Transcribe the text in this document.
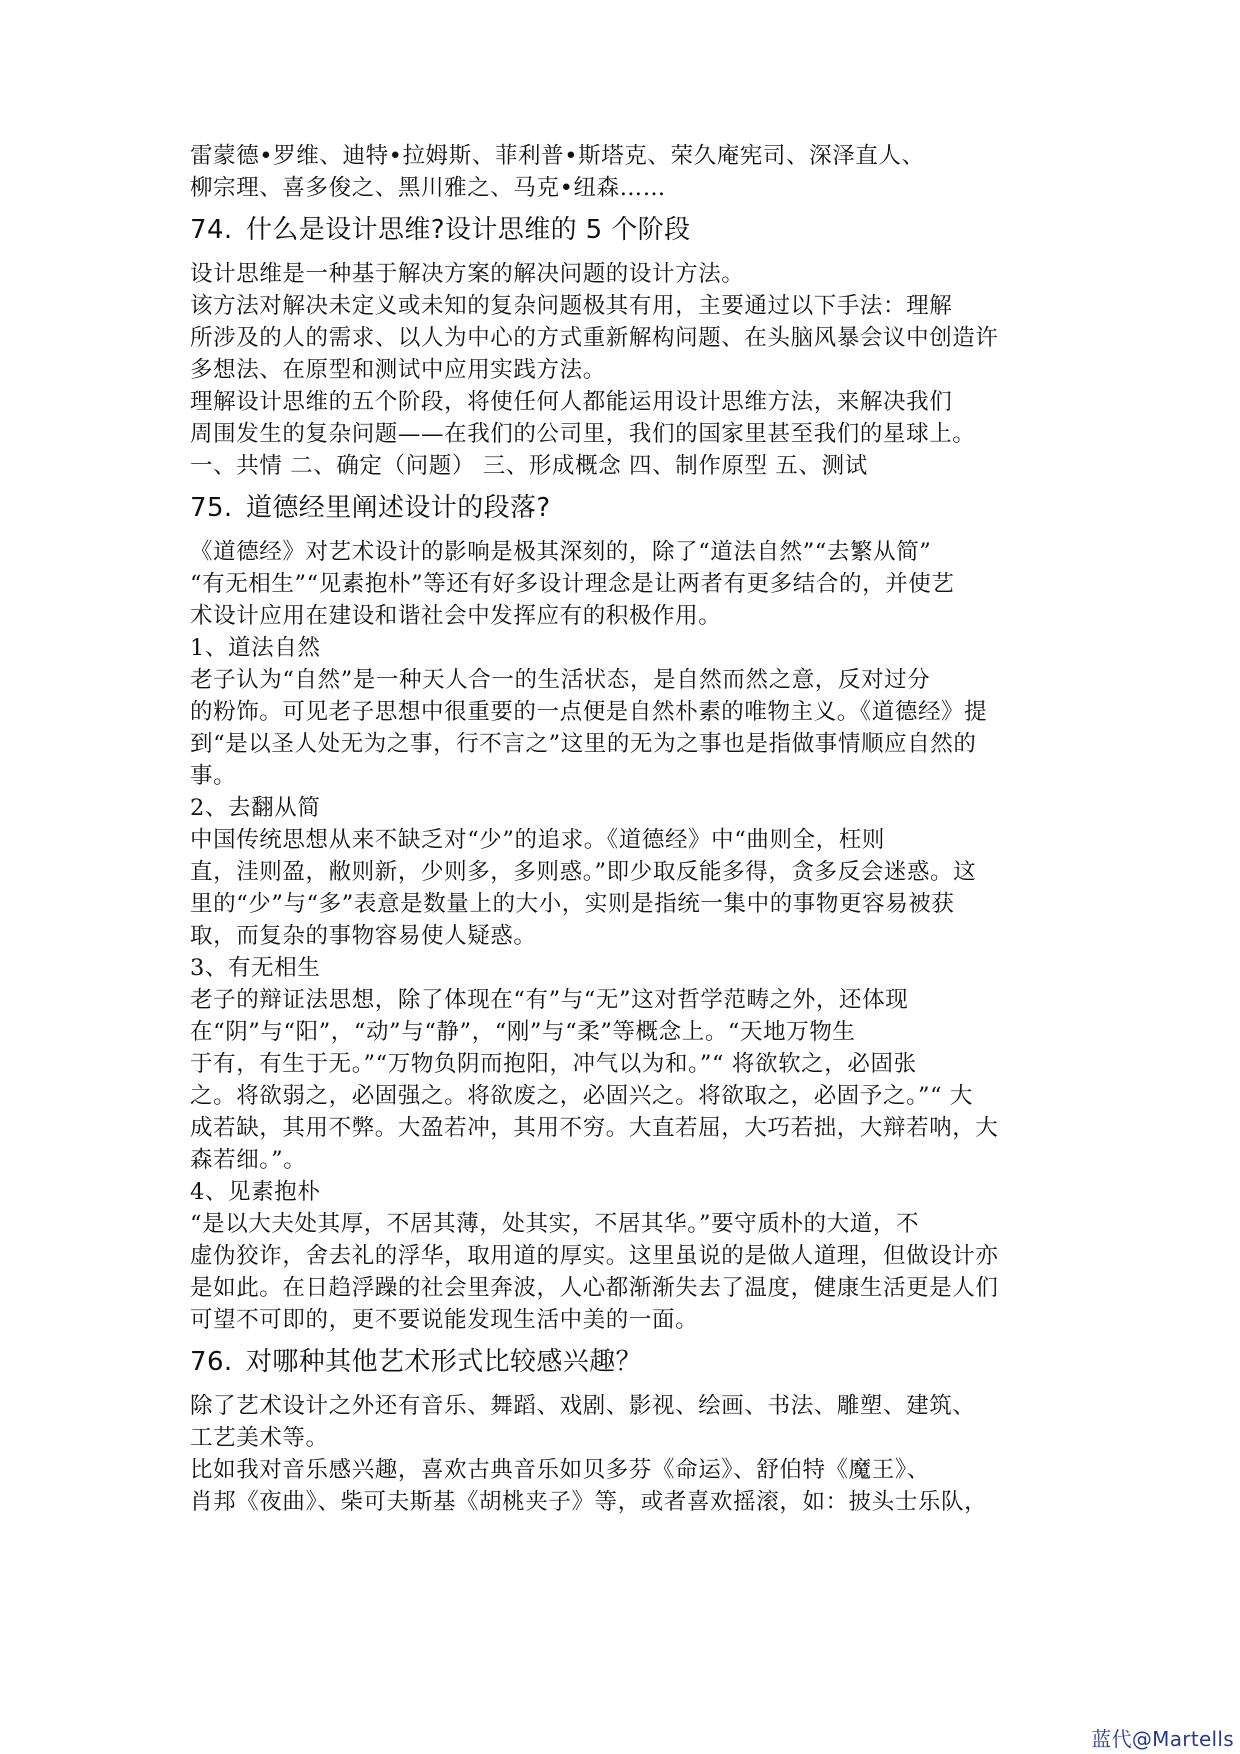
雷蒙德•罗维、迪特•拉姆斯、菲利普•斯塔克、荣久庵宪司、深泽直人、
柳宗理、喜多俊之、黑川雅之、马克•纽森……
74. 什么是设计思维?设计思维的 5 个阶段
设计思维是一种基于解决方案的解决问题的设计方法。
该方法对解决未定义或未知的复杂问题极其有用，主要通过以下手法：理解
所涉及的人的需求、以人为中心的方式重新解构问题、在头脑风暴会议中创造许
多想法、在原型和测试中应用实践方法。
理解设计思维的五个阶段，将使任何人都能运用设计思维方法，来解决我们
周围发生的复杂问题——在我们的公司里，我们的国家里甚至我们的星球上。
一、共情 二、确定（问题） 三、形成概念 四、制作原型 五、测试
75. 道德经里阐述设计的段落?
《道德经》对艺术设计的影响是极其深刻的，除了“道法自然”“去繁从简”
“有无相生”“见素抱朴”等还有好多设计理念是让两者有更多结合的，并使艺
术设计应用在建设和谐社会中发挥应有的积极作用。
1、道法自然
老子认为“自然”是一种天人合一的生活状态，是自然而然之意，反对过分
的粉饰。可见老子思想中很重要的一点便是自然朴素的唯物主义。《道德经》提
到“是以圣人处无为之事，行不言之”这里的无为之事也是指做事情顺应自然的
事。
2、去翻从简
中国传统思想从来不缺乏对“少”的追求。《道德经》中“曲则全，枉则
直，洼则盈，敝则新，少则多，多则惑。”即少取反能多得，贪多反会迷惑。这
里的“少”与“多”表意是数量上的大小，实则是指统一集中的事物更容易被获
取，而复杂的事物容易使人疑惑。
3、有无相生
老子的辩证法思想，除了体现在“有”与“无”这对哲学范畴之外，还体现
在“阴”与“阳”，“动”与“静”，“刚”与“柔”等概念上。“天地万物生
于有，有生于无。”“万物负阴而抱阳，冲气以为和。”“ 将欲软之，必固张
之。将欲弱之，必固强之。将欲废之，必固兴之。将欲取之，必固予之。”“ 大
成若缺，其用不弊。大盈若冲，其用不穷。大直若屈，大巧若拙，大辩若呐，大
森若细。”。
4、见素抱朴
“是以大夫处其厚，不居其薄，处其实，不居其华。”要守质朴的大道，不
虚伪狡诈，舍去礼的浮华，取用道的厚实。这里虽说的是做人道理，但做设计亦
是如此。在日趋浮躁的社会里奔波，人心都渐渐失去了温度，健康生活更是人们
可望不可即的，更不要说能发现生活中美的一面。
76. 对哪种其他艺术形式比较感兴趣？
除了艺术设计之外还有音乐、舞蹈、戏剧、影视、绘画、书法、雕塑、建筑、
工艺美术等。
比如我对音乐感兴趣，喜欢古典音乐如贝多芬《命运》、舒伯特《魔王》、
肖邦《夜曲》、柴可夫斯基《胡桃夹子》等，或者喜欢摇滚，如：披头士乐队，
蓝代@Martells
